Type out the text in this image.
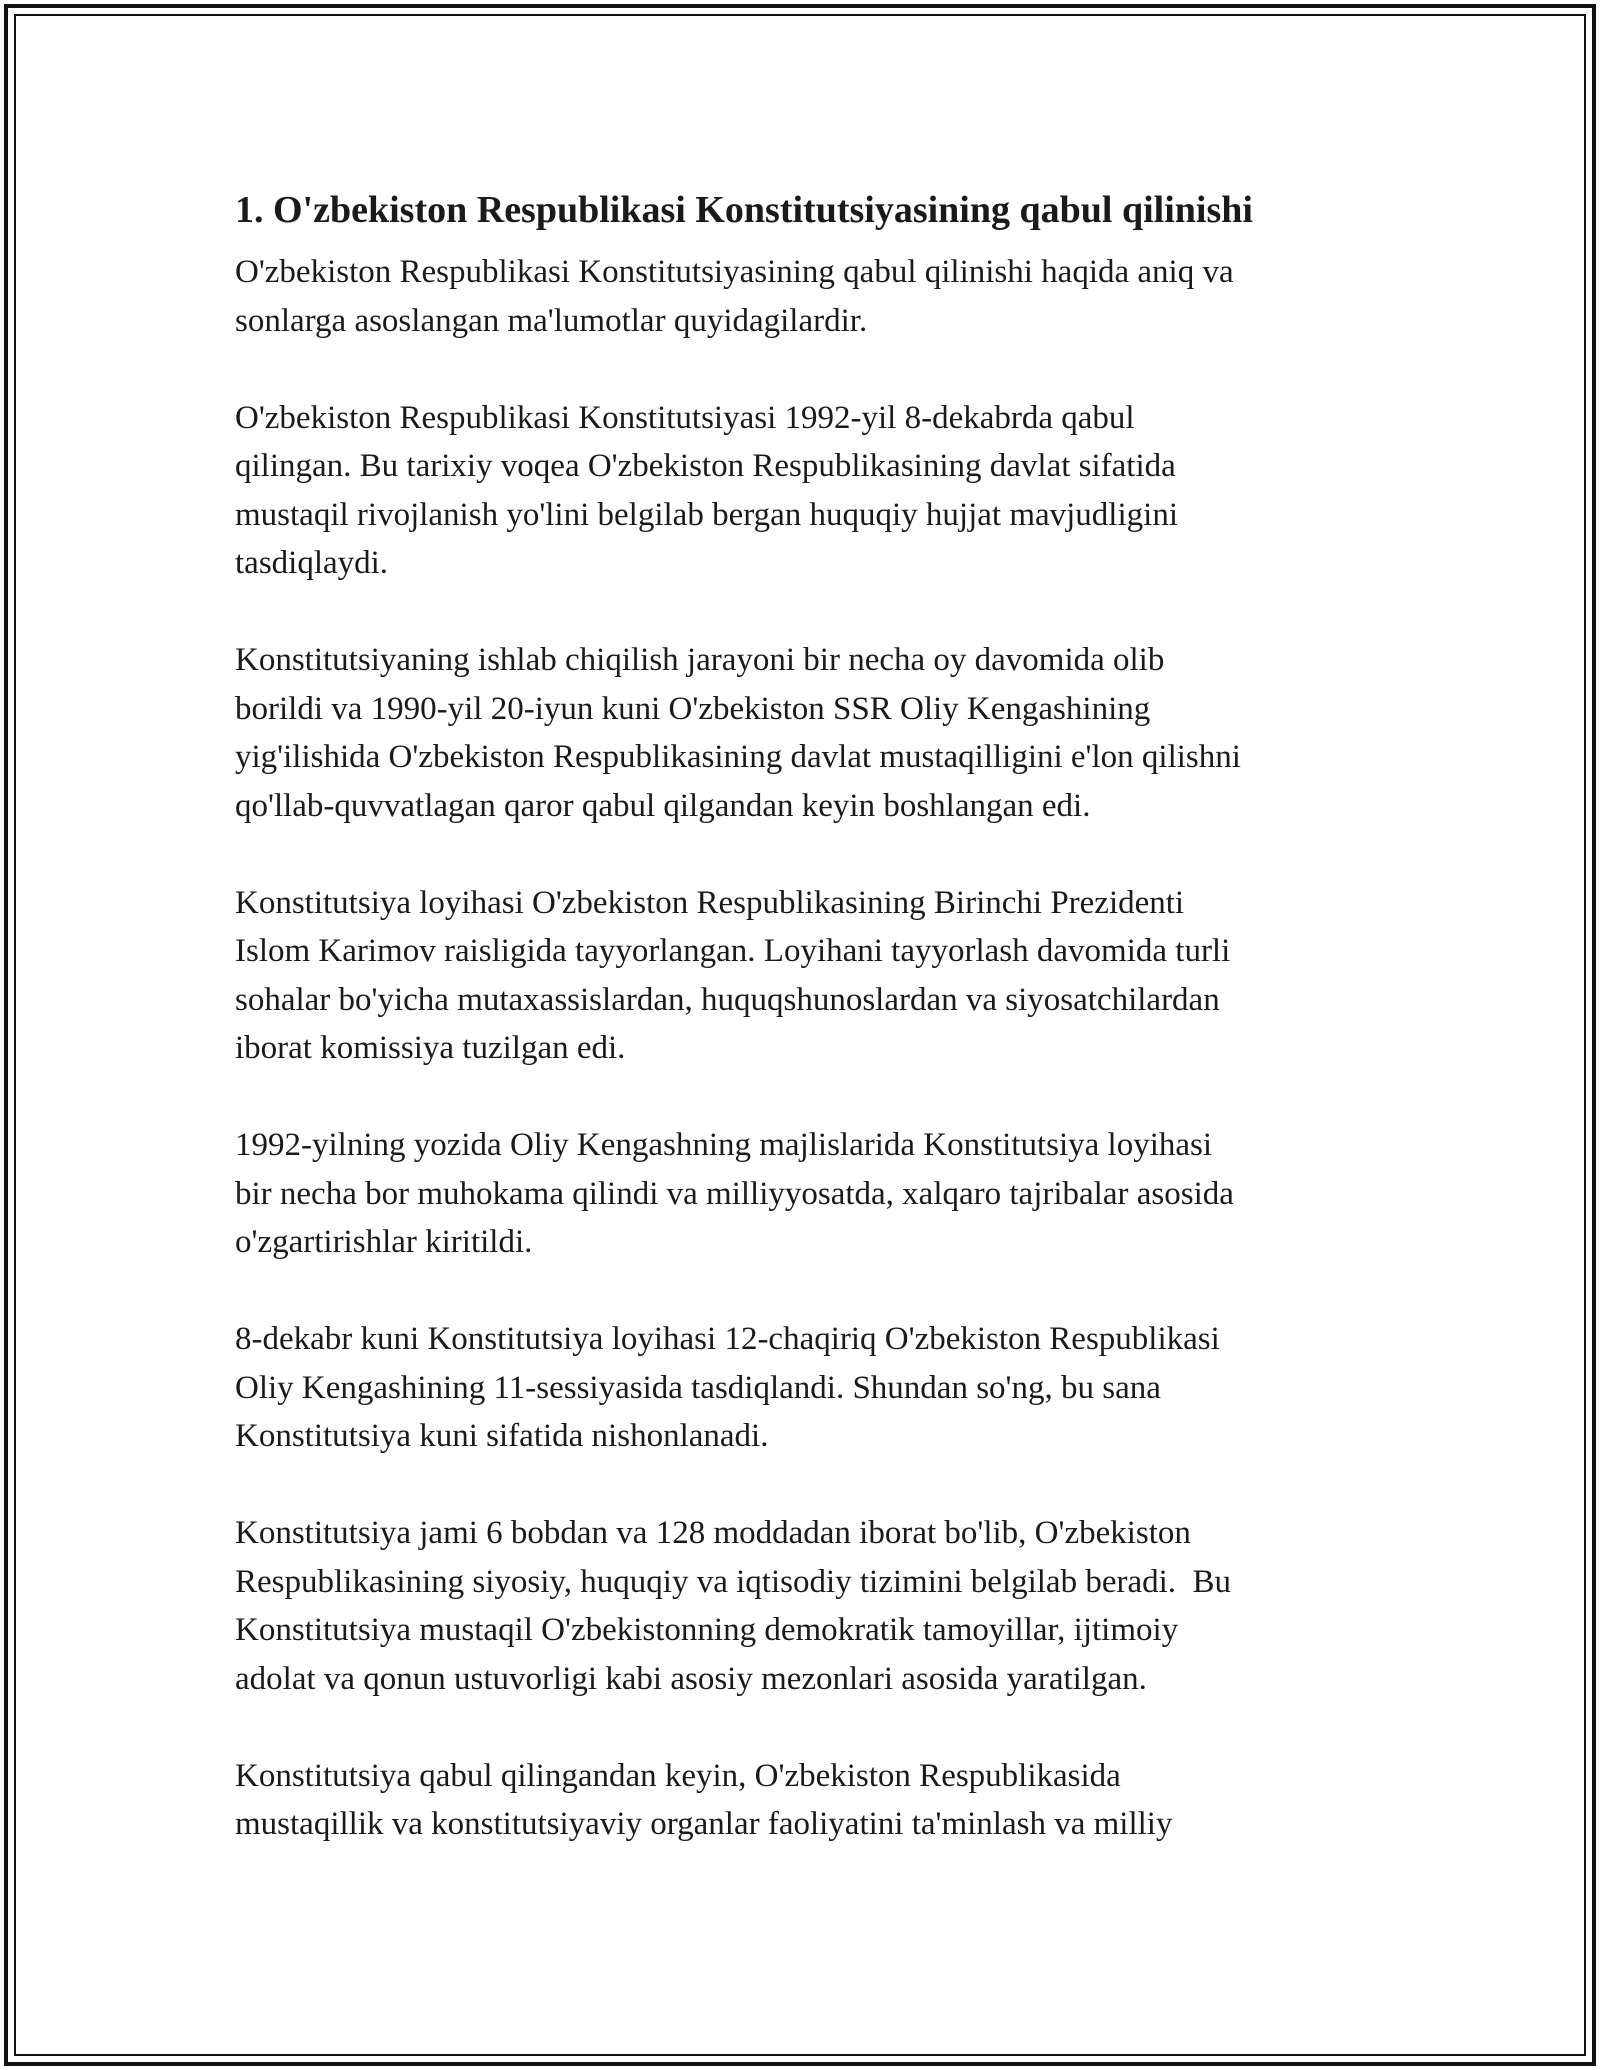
1. O'zbekiston Respublikasi Konstitutsiyasining qabul qilinishi

O'zbekiston Respublikasi Konstitutsiyasining qabul qilinishi haqida aniq va
sonlarga asoslangan ma'lumotlar quyidagilardir.

O'zbekiston Respublikasi Konstitutsiyasi 1992-yil 8-dekabrda qabul
qilingan. Bu tarixiy voqea O'zbekiston Respublikasining davlat sifatida
mustaqil rivojlanish yo'lini belgilab bergan huquqiy hujjat mavjudligini
tasdiqlaydi.

Konstitutsiyaning ishlab chiqilish jarayoni bir necha oy davomida olib
borildi va 1990-yil 20-iyun kuni O'zbekiston SSR Oliy Kengashining
yig'ilishida O'zbekiston Respublikasining davlat mustaqilligini e'lon qilishni
qo'llab-quvvatlagan qaror qabul qilgandan keyin boshlangan edi.

Konstitutsiya loyihasi O'zbekiston Respublikasining Birinchi Prezidenti
Islom Karimov raisligida tayyorlangan. Loyihani tayyorlash davomida turli
sohalar bo'yicha mutaxassislardan, huquqshunoslardan va siyosatchilardan
iborat komissiya tuzilgan edi.

1992-yilning yozida Oliy Kengashning majlislarida Konstitutsiya loyihasi
bir necha bor muhokama qilindi va milliyyosatda, xalqaro tajribalar asosida
o'zgartirishlar kiritildi.

8-dekabr kuni Konstitutsiya loyihasi 12-chaqiriq O'zbekiston Respublikasi
Oliy Kengashining 11-sessiyasida tasdiqlandi. Shundan so'ng, bu sana
Konstitutsiya kuni sifatida nishonlanadi.

Konstitutsiya jami 6 bobdan va 128 moddadan iborat bo'lib, O'zbekiston
Respublikasining siyosiy, huquqiy va iqtisodiy tizimini belgilab beradi.  Bu
Konstitutsiya mustaqil O'zbekistonning demokratik tamoyillar, ijtimoiy
adolat va qonun ustuvorligi kabi asosiy mezonlari asosida yaratilgan.

Konstitutsiya qabul qilingandan keyin, O'zbekiston Respublikasida
mustaqillik va konstitutsiyaviy organlar faoliyatini ta'minlash va milliy
